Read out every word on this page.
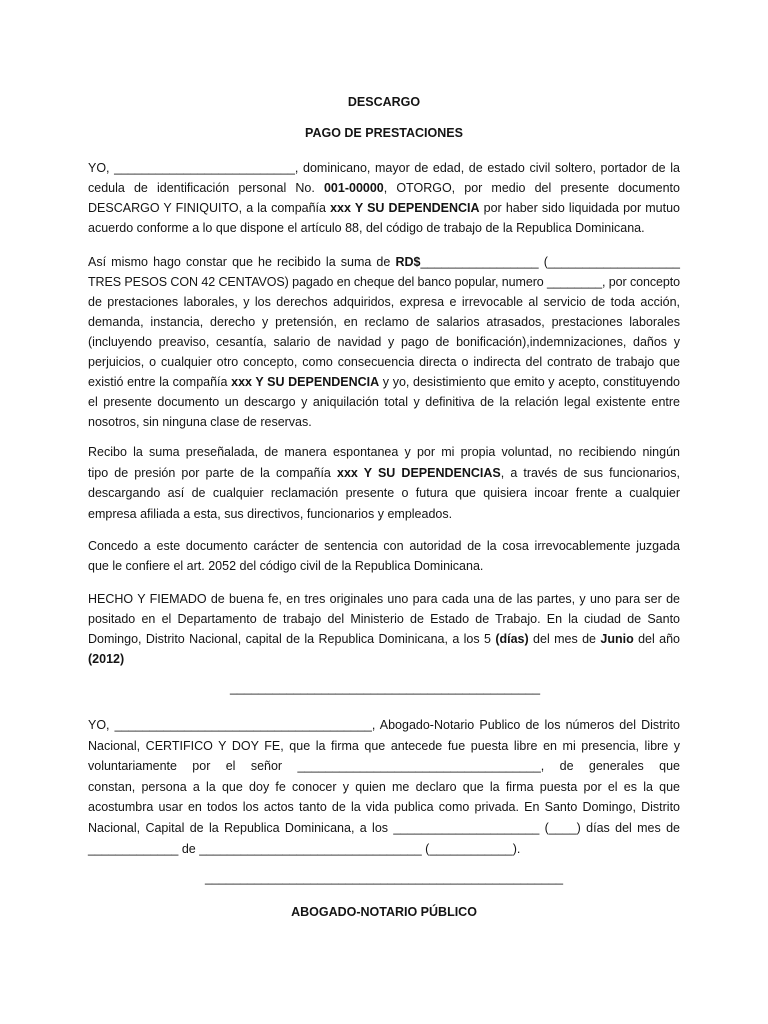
DESCARGO
PAGO DE PRESTACIONES
YO, __________________________, dominicano, mayor de edad, de estado civil soltero, portador de la
cedula de identificación personal No. 001-00000, OTORGO, por medio del presente documento
DESCARGO Y FINIQUITO, a la compañía xxx Y SU DEPENDENCIA por haber sido liquidada por mutuo
acuerdo conforme a lo que dispone el artículo 88, del código de trabajo de la Republica Dominicana.
Así mismo hago constar que he recibido la suma de RD$_________________ (___________________
TRES PESOS CON 42 CENTAVOS) pagado en cheque del banco popular, numero ________, por concepto
de prestaciones laborales, y los derechos adquiridos, expresa e irrevocable al servicio de toda acción,
demanda, instancia, derecho y pretensión, en reclamo de salarios atrasados, prestaciones laborales
(incluyendo preaviso, cesantía, salario de navidad y pago de bonificación),indemnizaciones, daños y
perjuicios, o cualquier otro concepto, como consecuencia directa o indirecta del contrato de trabajo que
existió entre la compañía xxx Y SU DEPENDENCIA y yo, desistimiento que emito y acepto, constituyendo
el presente documento un descargo y aniquilación total y definitiva de la relación legal existente entre
nosotros, sin ninguna clase de reservas.
Recibo la suma preseñalada, de manera espontanea y por mi propia voluntad, no recibiendo ningún
tipo de presión por parte de la compañía xxx Y SU DEPENDENCIAS, a través de sus funcionarios,
descargando así de cualquier reclamación presente o futura que quisiera incoar frente a cualquier
empresa afiliada a esta, sus directivos, funcionarios y empleados.
Concedo a este documento carácter de sentencia con autoridad de la cosa irrevocablemente juzgada
que le confiere el art. 2052 del código civil de la Republica Dominicana.
HECHO Y FIEMADO de buena fe, en tres originales uno para cada una de las partes, y uno para ser de
positado en el Departamento de trabajo del Ministerio de Estado de Trabajo. En la ciudad de Santo
Domingo, Distrito Nacional, capital de la Republica Dominicana, a los 5 (días) del mes de Junio del año
(2012)
____________________________________________
YO, _____________________________________, Abogado-Notario Publico de los números del Distrito
Nacional, CERTIFICO Y DOY FE, que la firma que antecede fue puesta libre en mi presencia, libre y
voluntariamente por el señor ___________________________________, de generales que
constan, persona a la que doy fe conocer y quien me declaro que la firma puesta por el es la que
acostumbra usar en todos los actos tanto de la vida publica como privada. En Santo Domingo, Distrito
Nacional, Capital de la Republica Dominicana, a los _____________________ (____) días del mes de
_____________ de ________________________________ (____________).
___________________________________________________
ABOGADO-NOTARIO PÚBLICO
